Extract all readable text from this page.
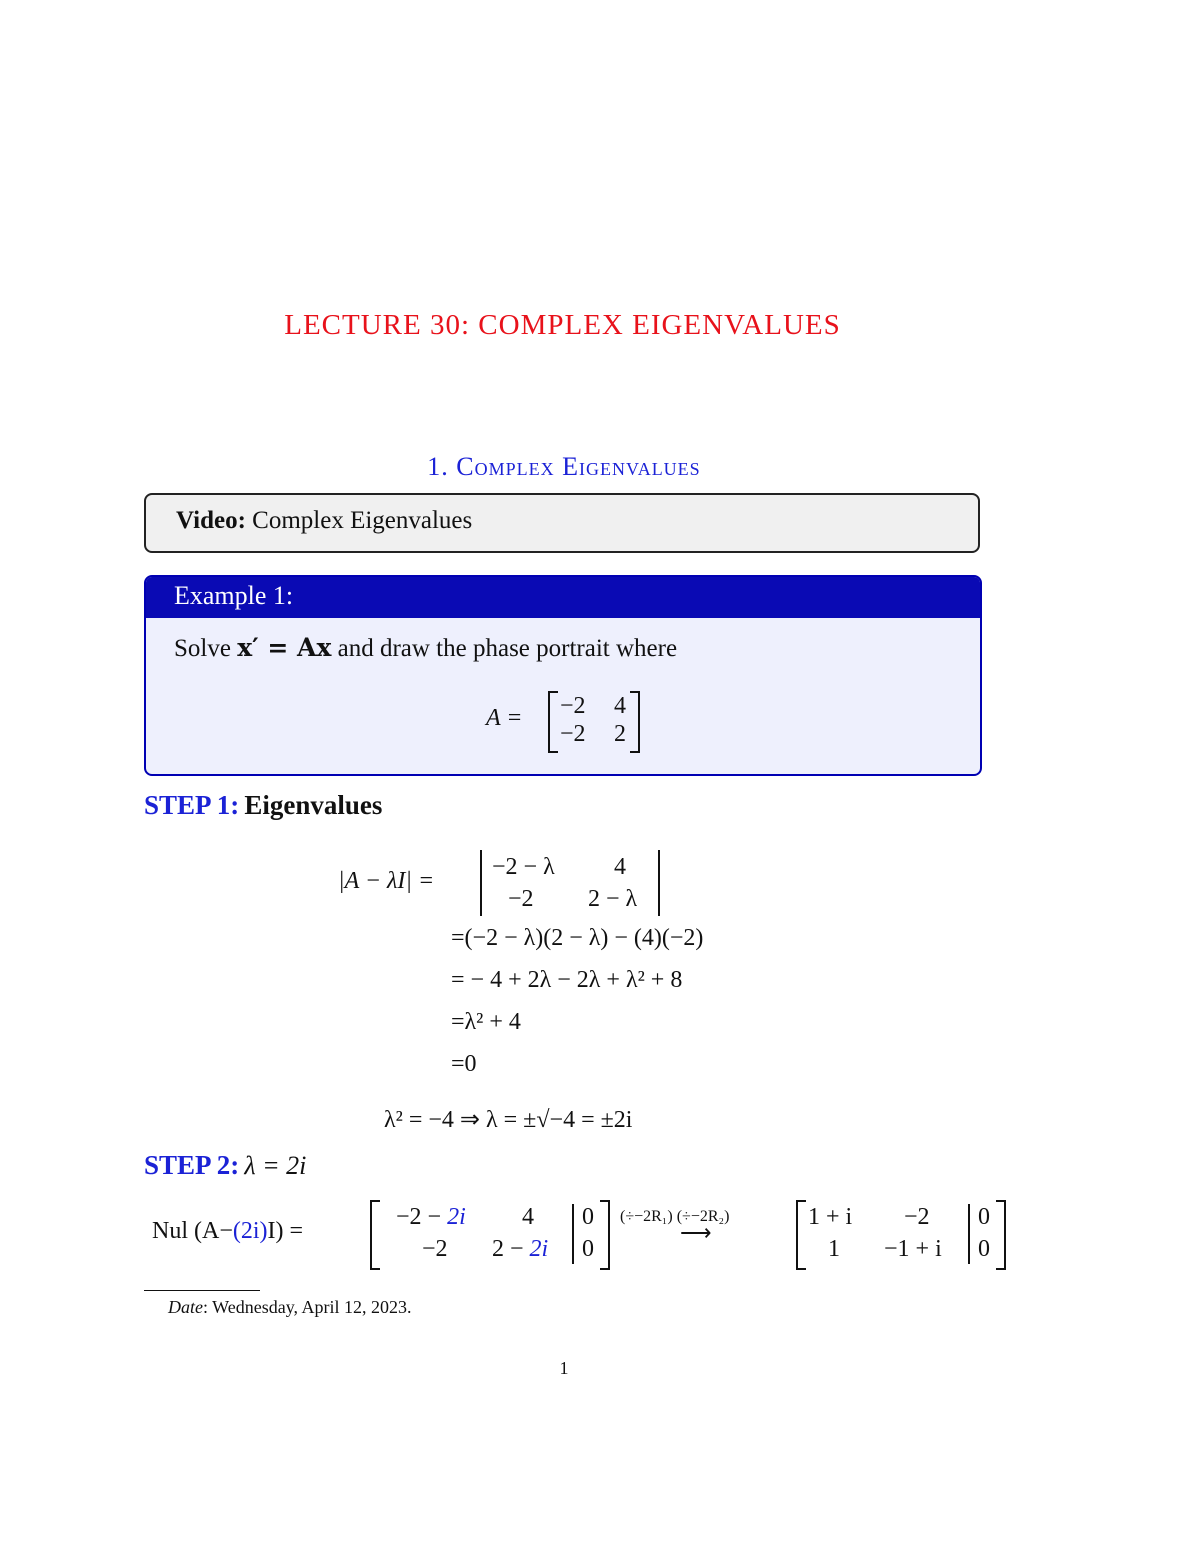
LECTURE 30: COMPLEX EIGENVALUES
1. Complex Eigenvalues
Video: Complex Eigenvalues
Example 1:
Solve x′ = Ax and draw the phase portrait where
A = −2 4
−2 2
STEP 1: Eigenvalues
|A − λI| =
−2 − λ 4
−2 2 − λ
=(−2 − λ)(2 − λ) − (4)(−2)
= − 4 + 2λ − 2λ + λ² + 8
=λ² + 4
=0
λ² = −4 ⇒ λ = ±√−4 = ±2i
STEP 2: λ = 2i
Nul (A−(2i)I) =
−2 − 2i 4 0
−2 2 − 2i 0
(÷−2R₁) (÷−2R₂)
⟶
1 + i −2 0
1 −1 + i 0
Date: Wednesday, April 12, 2023.
1
